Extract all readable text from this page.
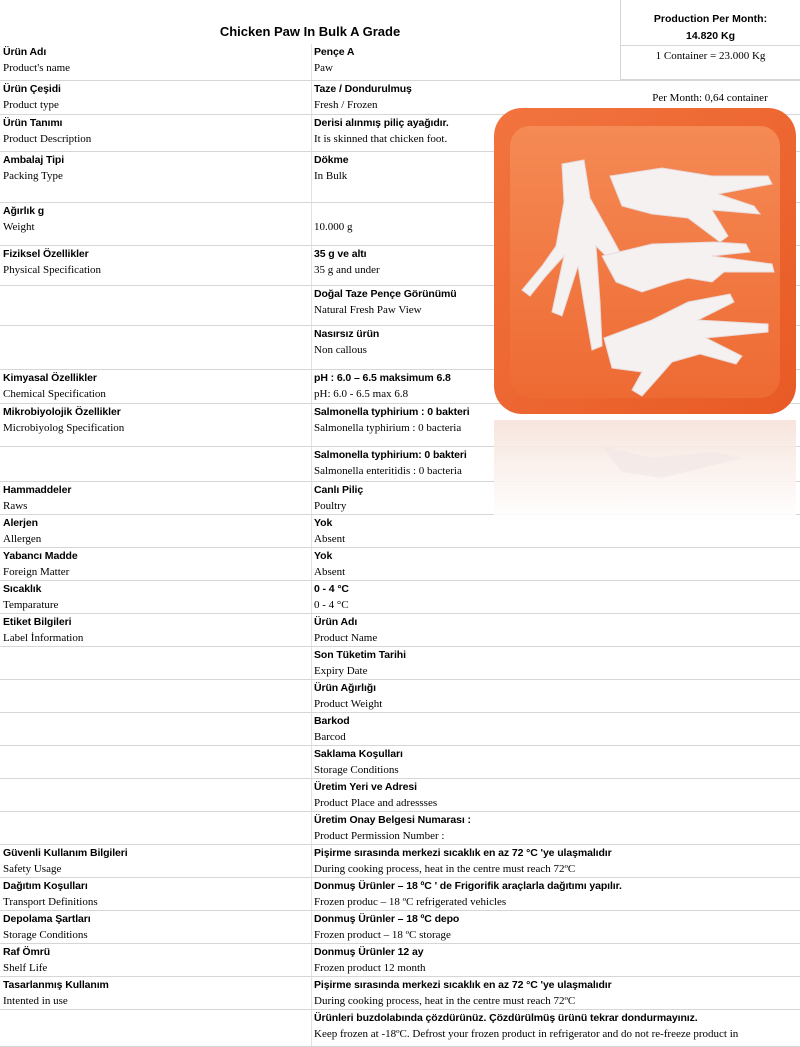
Chicken Paw In Bulk A Grade
Ürün Adı
Product's name
Pençe A
Paw
Ürün Çeşidi
Product type
Taze / Dondurulmuş
Fresh / Frozen
Ürün Tanımı
Product Description
Derisi alınmış piliç ayağıdır.
It is skinned that chicken foot.
Ambalaj Tipi
Packing Type
Dökme
In Bulk
Ağırlık g
Weight	10.000 g
Fiziksel Özellikler
Physical Specification
35 g ve altı
35 g and under
Doğal Taze Pençe Görünümü
Natural Fresh Paw View
Nasırsız ürün
Non callous
Kimyasal Özellikler
Chemical Specification
pH : 6.0 – 6.5 maksimum 6.8
pH: 6.0 - 6.5 max 6.8
Mikrobiyolojik Özellikler
Microbiyolog Specification
Salmonella typhirium : 0 bakteri
Salmonella typhirium : 0 bacteria
Salmonella typhirium: 0 bakteri
Salmonella enteritidis : 0 bacteria
Hammaddeler
Raws
Canlı Piliç
Poultry
Alerjen
Allergen
Yok
Absent
Yabancı Madde
Foreign Matter
Yok
Absent
Sıcaklık
Temparature
0 - 4 °C
0 - 4 °C
Etiket Bilgileri
Label İnformation
Ürün Adı
Product Name
Son Tüketim Tarihi
Expiry Date
Ürün Ağırlığı
Product Weight
Barkod
Barcod
Saklama Koşulları
Storage Conditions
Üretim Yeri ve Adresi
Product Place and adressses
Üretim Onay Belgesi Numarası :
Product Permission Number :
Güvenli Kullanım Bilgileri
Safety Usage
Pişirme sırasında merkezi sıcaklık en az 72 °C 'ye ulaşmalıdır
During cooking process, heat in the centre must reach 72ºC
Dağıtım Koşulları
Transport Definitions
Donmuş Ürünler – 18 ºC ' de Frigorifik araçlarla dağıtımı yapılır.
Frozen produc – 18 ºC refrigerated vehicles
Depolama Şartları
Storage Conditions
Donmuş Ürünler – 18 ºC depo
Frozen product – 18 ºC storage
Raf Ömrü
Shelf Life
Donmuş Ürünler 12 ay
Frozen product 12 month
Tasarlanmış Kullanım
Intented in use
Pişirme sırasında merkezi sıcaklık en az 72 °C 'ye ulaşmalıdır
During cooking process, heat in the centre must reach 72ºC
Ürünleri buzdolabında çözdürünüz. Çözdürülmüş ürünü tekrar dondurmayınız.
Keep frozen at -18ºC. Defrost your frozen product in refrigerator and do not re-freeze product in
Production Per Month:
14.820 Kg
1 Container = 23.000 Kg
Per Month: 0,64 container
